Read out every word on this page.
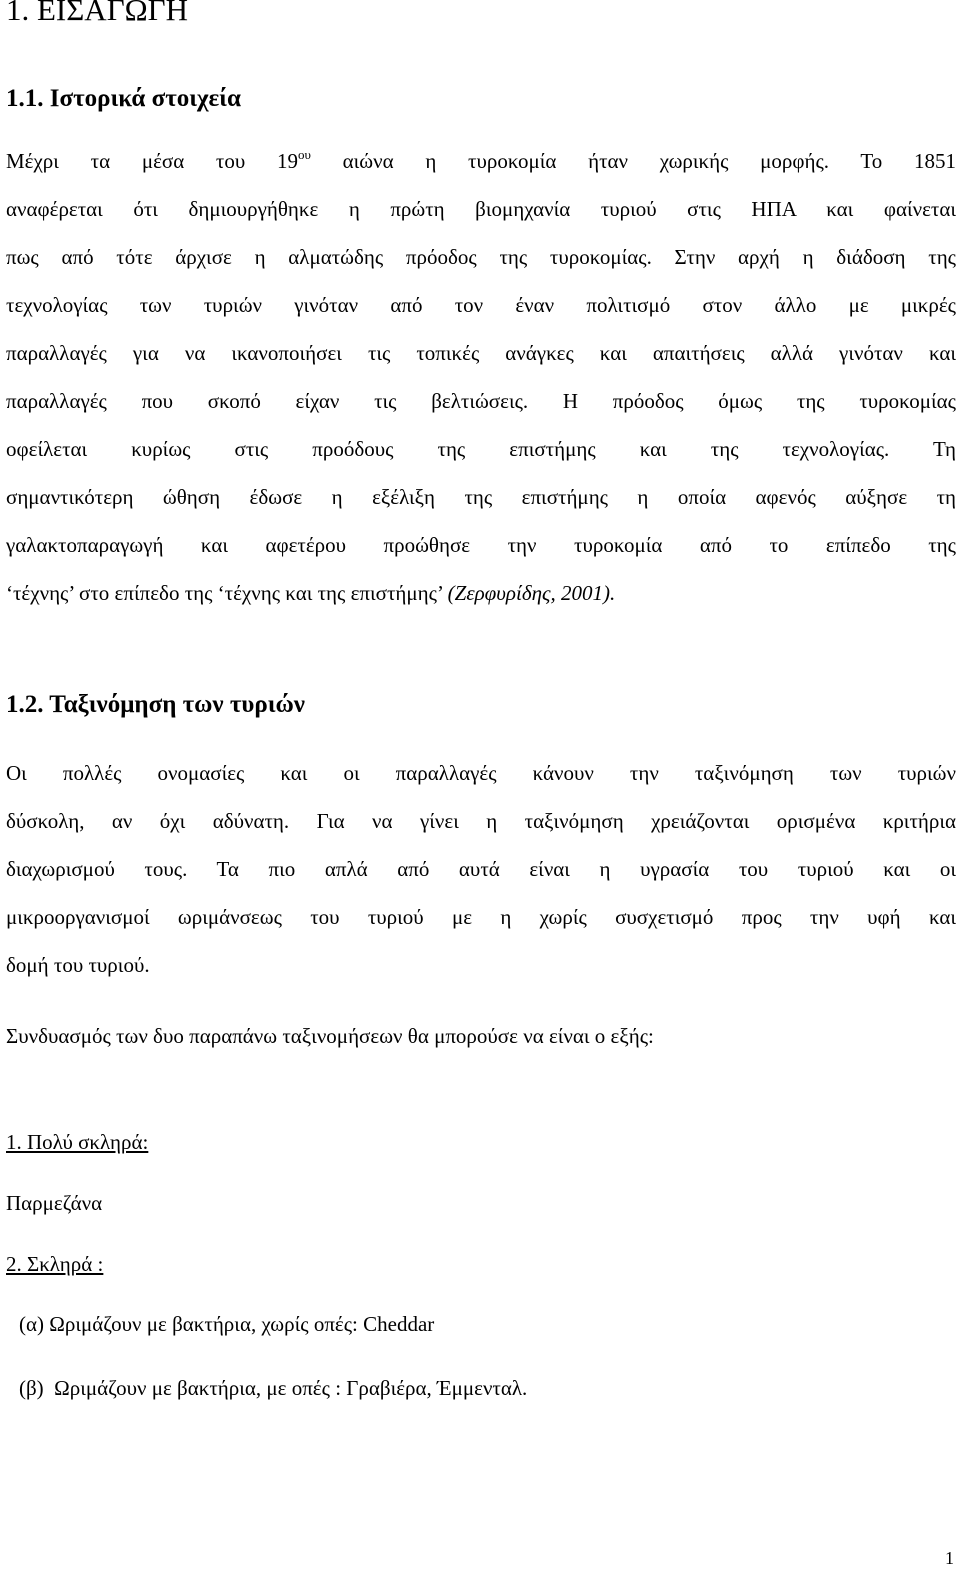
1. ΕΙΣΑΓΩΓΗ
1.1. Ιστορικά στοιχεία
Μέχρι τα μέσα του $19^{o\upsilon}$ αιώνα η τυροκομία ήταν χωρικής μορφής. Το 1851
αναφέρεται ότι δημιουργήθηκε η πρώτη βιομηχανία τυριού στις ΗΠΑ και φαίνεται
πως από τότε άρχισε η αλματώδης πρόοδος της τυροκομίας. Στην αρχή η διάδοση της
τεχνολογίας των τυριών γινόταν από τον έναν πολιτισμό στον άλλο με μικρές
παραλλαγές για να ικανοποιήσει τις τοπικές ανάγκες και απαιτήσεις αλλά γινόταν και
παραλλαγές που σκοπό είχαν τις βελτιώσεις. Η πρόοδος όμως της τυροκομίας
οφείλεται κυρίως στις προόδους της επιστήμης και της τεχνολογίας. Τη
σημαντικότερη ώθηση έδωσε η εξέλιξη της επιστήμης η οποία αφενός αύξησε τη
γαλακτοπαραγωγή και αφετέρου προώθησε την τυροκομία από το επίπεδο της
‘τέχνης’ στο επίπεδο της ‘τέχνης και της επιστήμης’ (Ζερφυρίδης, 2001).
1.2. Ταξινόμηση των τυριών
Οι πολλές ονομασίες και οι παραλλαγές κάνουν την ταξινόμηση των τυριών
δύσκολη, αν όχι αδύνατη. Για να γίνει η ταξινόμηση χρειάζονται ορισμένα κριτήρια
διαχωρισμού τους. Τα πιο απλά από αυτά είναι η υγρασία του τυριού και οι
μικροοργανισμοί ωριμάνσεως του τυριού με η χωρίς συσχετισμό προς την υφή και
δομή του τυριού.

Συνδυασμός των δυο παραπάνω ταξινομήσεων θα μπορούσε να είναι ο εξής:

1. Πολύ σκληρά:

Παρμεζάνα

2. Σκληρά :

(α) Ωριμάζουν με βακτήρια, χωρίς οπές: Cheddar

(β)  Ωριμάζουν με βακτήρια, με οπές : Γραβιέρα, Έμμενταλ.

1
